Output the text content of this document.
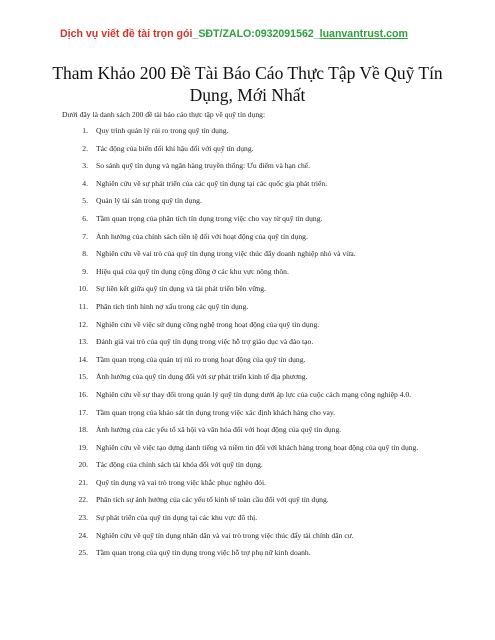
Dịch vụ viết đề tài trọn gói_SĐT/ZALO:0932091562_luanvantrust.com
Tham Khảo 200 Đề Tài Báo Cáo Thực Tập Về Quỹ Tín Dụng, Mới Nhất
Dưới đây là danh sách 200 đề tài báo cáo thực tập về quỹ tín dụng:
1.	Quy trình quản lý rủi ro trong quỹ tín dụng.
2.	Tác động của biến đổi khí hậu đối với quỹ tín dụng.
3.	So sánh quỹ tín dụng và ngân hàng truyền thống: Ưu điểm và hạn chế.
4.	Nghiên cứu về sự phát triển của các quỹ tín dụng tại các quốc gia phát triển.
5.	Quản lý tài sản trong quỹ tín dụng.
6.	Tầm quan trọng của phân tích tín dụng trong việc cho vay từ quỹ tín dụng.
7.	Ảnh hưởng của chính sách tiền tệ đối với hoạt động của quỹ tín dụng.
8.	Nghiên cứu về vai trò của quỹ tín dụng trong việc thúc đẩy doanh nghiệp nhỏ và vừa.
9.	Hiệu quả của quỹ tín dụng cộng đồng ở các khu vực nông thôn.
10.	Sự liên kết giữa quỹ tín dụng và tài phát triển bền vững.
11.	Phân tích tình hình nợ xấu trong các quỹ tín dụng.
12.	Nghiên cứu về việc sử dụng công nghệ trong hoạt động của quỹ tín dụng.
13.	Đánh giá vai trò của quỹ tín dụng trong việc hỗ trợ giáo dục và đào tạo.
14.	Tầm quan trọng của quản trị rủi ro trong hoạt động của quỹ tín dụng.
15.	Ảnh hưởng của quỹ tín dụng đối với sự phát triển kinh tế địa phương.
16.	Nghiên cứu về sự thay đổi trong quản lý quỹ tín dụng dưới áp lực của cuộc cách mạng công nghiệp 4.0.
17.	Tầm quan trọng của khảo sát tín dụng trong việc xác định khách hàng cho vay.
18.	Ảnh hưởng của các yếu tố xã hội và văn hóa đối với hoạt động của quỹ tín dụng.
19.	Nghiên cứu về việc tạo dựng danh tiếng và niềm tin đối với khách hàng trong hoạt động của quỹ tín dụng.
20.	Tác động của chính sách tài khóa đối với quỹ tín dụng.
21.	Quỹ tín dụng và vai trò trong việc khắc phục nghèo đói.
22.	Phân tích sự ảnh hưởng của các yếu tố kinh tế toàn cầu đối với quỹ tín dụng.
23.	Sự phát triển của quỹ tín dụng tại các khu vực đô thị.
24.	Nghiên cứu về quỹ tín dụng nhân dân và vai trò trong việc thúc đẩy tài chính dân cư.
25.	Tầm quan trọng của quỹ tín dụng trong việc hỗ trợ phụ nữ kinh doanh.
